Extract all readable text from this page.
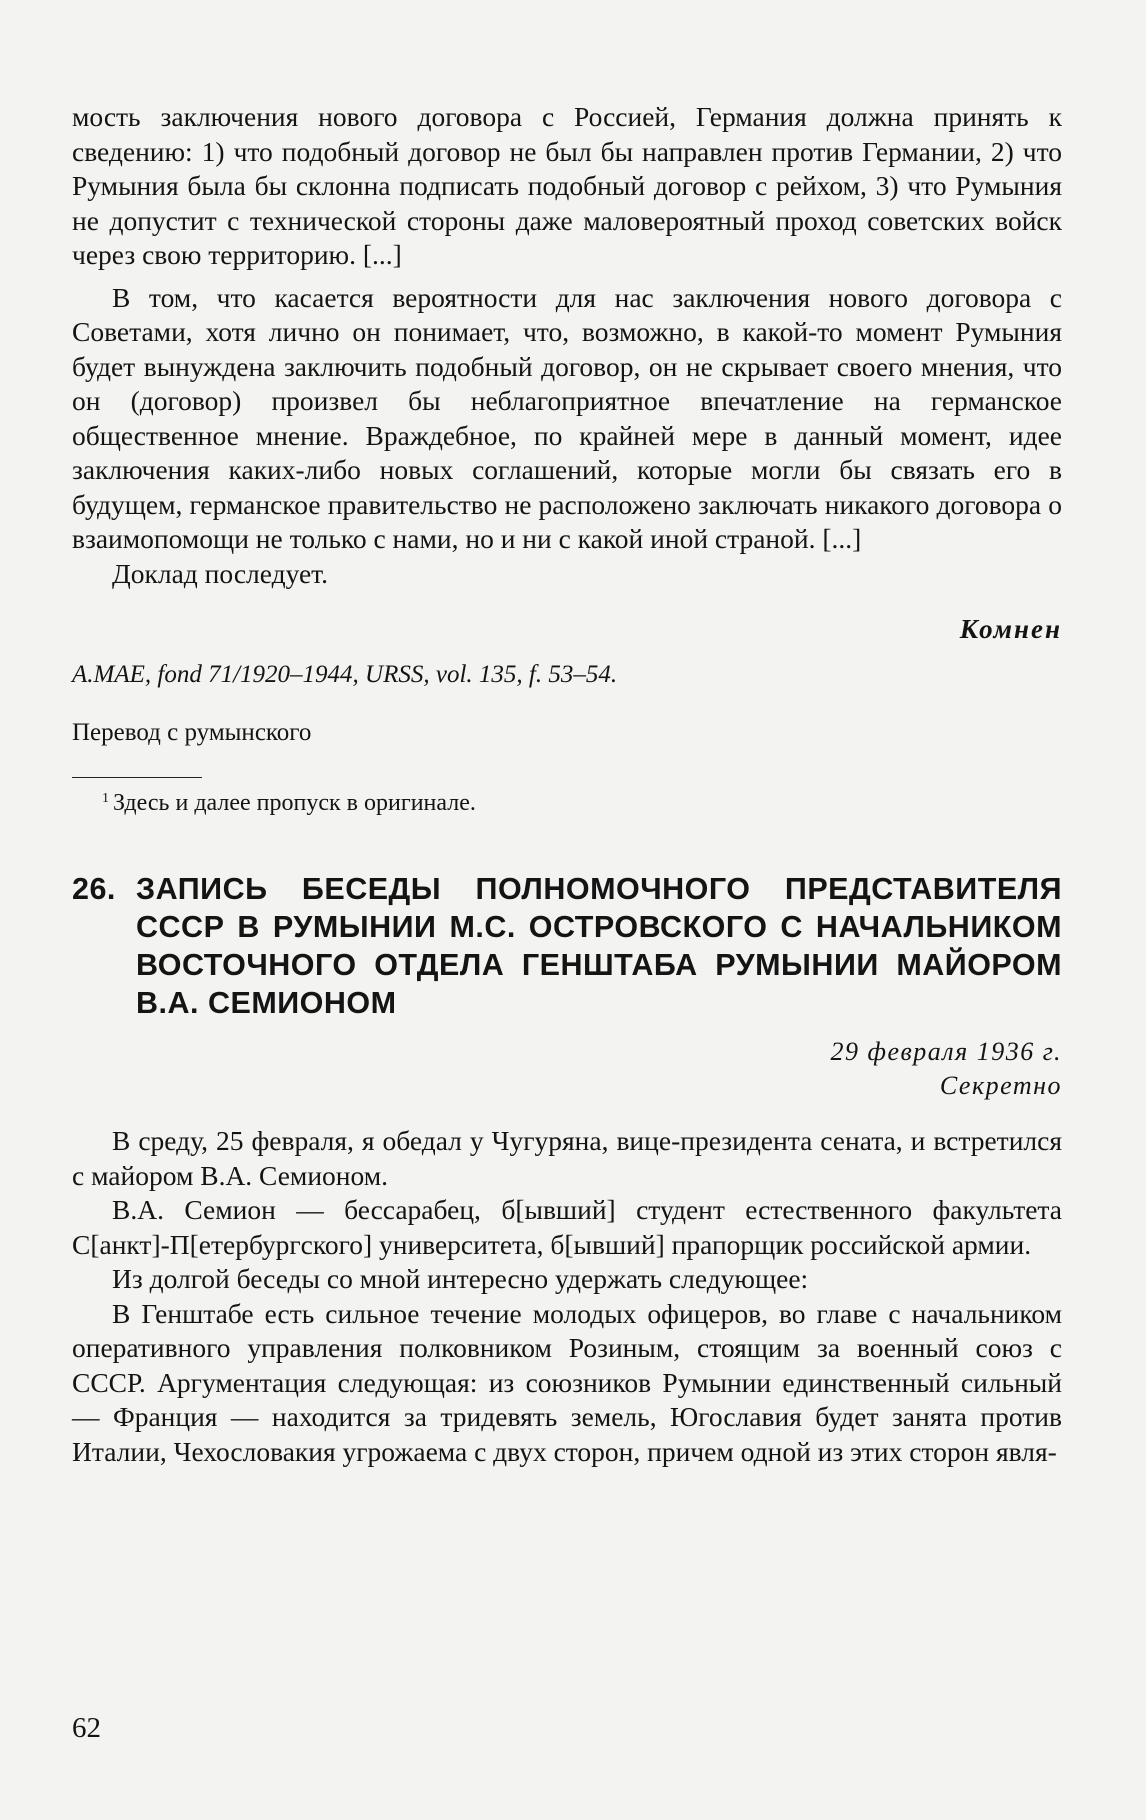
мость заключения нового договора с Россией, Германия должна принять к сведению: 1) что подобный договор не был бы направлен против Германии, 2) что Румыния была бы склонна подписать подобный договор с рейхом, 3) что Румыния не допустит с технической стороны даже маловероятный проход советских войск через свою территорию. [...]

В том, что касается вероятности для нас заключения нового договора с Советами, хотя лично он понимает, что, возможно, в какой-то момент Румыния будет вынуждена заключить подобный договор, он не скрывает своего мнения, что он (договор) произвел бы неблагоприятное впечатление на германское общественное мнение. Враждебное, по крайней мере в данный момент, идее заключения каких-либо новых соглашений, которые могли бы связать его в будущем, германское правительство не расположено заключать никакого договора о взаимопомощи не только с нами, но и ни с какой иной страной. [...]

Доклад последует.

Комнен

A.MAE, fond 71/1920–1944, URSS, vol. 135, f. 53–54.

Перевод с румынского

$^1$ Здесь и далее пропуск в оригинале.

26. ЗАПИСЬ БЕСЕДЫ ПОЛНОМОЧНОГО ПРЕДСТАВИТЕЛЯ СССР В РУМЫНИИ М.С. ОСТРОВСКОГО С НАЧАЛЬНИКОМ ВОСТОЧНОГО ОТДЕЛА ГЕНШТАБА РУМЫНИИ МАЙОРОМ В.А. СЕМИОНОМ

29 февраля 1936 г.

Секретно

В среду, 25 февраля, я обедал у Чугуряна, вице-президента сената, и встретился с майором В.А. Семионом.

В.А. Семион — бессарабец, б[ывший] студент естественного факультета С[анкт]-П[етербургского] университета, б[ывший] прапорщик российской армии.

Из долгой беседы со мной интересно удержать следующее:

В Генштабе есть сильное течение молодых офицеров, во главе с начальником оперативного управления полковником Розиным, стоящим за военный союз с СССР. Аргументация следующая: из союзников Румынии единственный сильный — Франция — находится за тридевять земель, Югославия будет занята против Италии, Чехословакия угрожаема с двух сторон, причем одной из этих сторон явля-

62
